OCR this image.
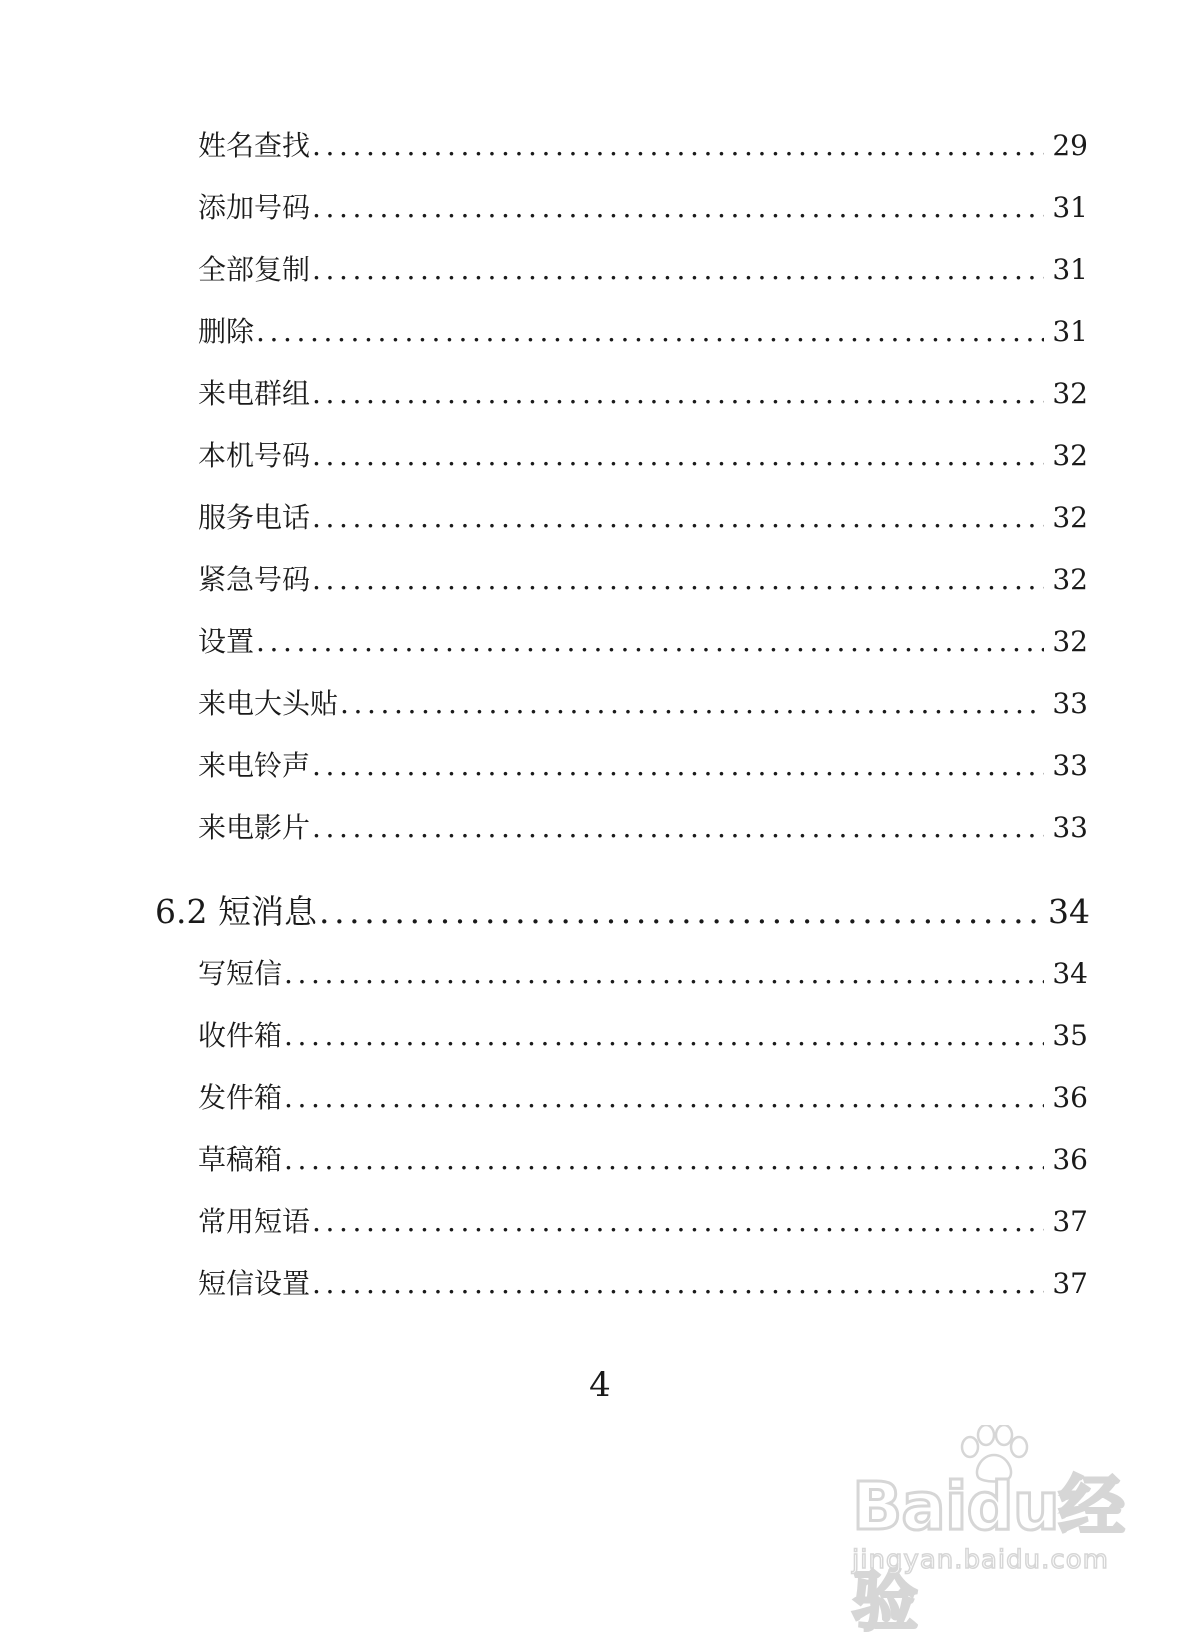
姓名查找 .....	29
添加号码 .....	31
全部复制 .....	31
删除 .....	31
来电群组 .....	32
本机号码 .....	32
服务电话 .....	32
紧急号码 .....	32
设置 .....	32
来电大头贴 .....	33
来电铃声 .....	33
来电影片 .....	33
6.2 短消息 .....	34
写短信 .....	34
收件箱 .....	35
发件箱 .....	36
草稿箱 .....	36
常用短语 .....	37
短信设置 .....	37
4
Baidu经验
jingyan.baidu.com
